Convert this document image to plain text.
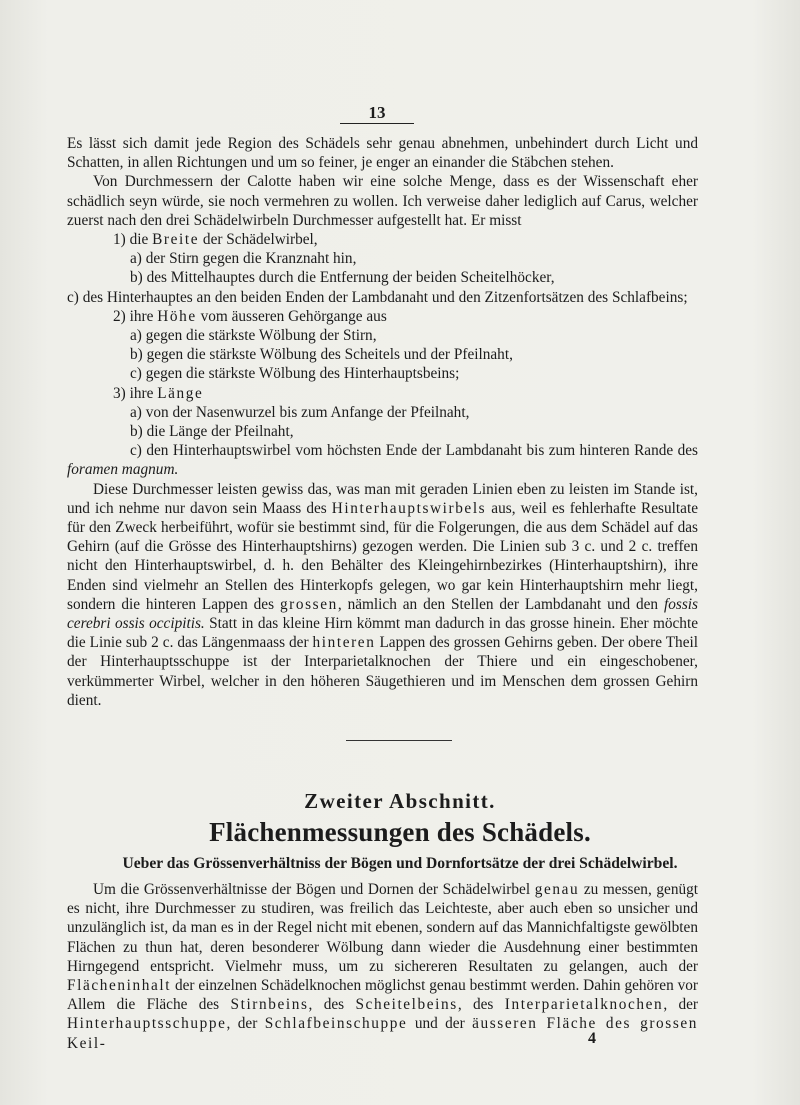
13

Es lässt sich damit jede Region des Schädels sehr genau abnehmen, unbehindert durch Licht und Schatten, in allen Richtungen und um so feiner, je enger an einander die Stäbchen stehen.

Von Durchmessern der Calotte haben wir eine solche Menge, dass es der Wissenschaft eher schädlich seyn würde, sie noch vermehren zu wollen. Ich verweise daher lediglich auf Carus, welcher zuerst nach den drei Schädelwirbeln Durchmesser aufgestellt hat. Er misst

1) die Breite der Schädelwirbel,

a) der Stirn gegen die Kranznaht hin,

b) des Mittelhauptes durch die Entfernung der beiden Scheitelhöcker,

c) des Hinterhauptes an den beiden Enden der Lambdanaht und den Zitzenfortsätzen des Schlafbeins;

2) ihre Höhe vom äusseren Gehörgange aus

a) gegen die stärkste Wölbung der Stirn,

b) gegen die stärkste Wölbung des Scheitels und der Pfeilnaht,

c) gegen die stärkste Wölbung des Hinterhauptsbeins;

3) ihre Länge

a) von der Nasenwurzel bis zum Anfange der Pfeilnaht,

b) die Länge der Pfeilnaht,

c) den Hinterhauptswirbel vom höchsten Ende der Lambdanaht bis zum hinteren Rande des foramen magnum.

Diese Durchmesser leisten gewiss das, was man mit geraden Linien eben zu leisten im Stande ist, und ich nehme nur davon sein Maass des Hinterhauptswirbels aus, weil es fehlerhafte Resultate für den Zweck herbeiführt, wofür sie bestimmt sind, für die Folgerungen, die aus dem Schädel auf das Gehirn (auf die Grösse des Hinterhauptshirns) gezogen werden. Die Linien sub 3 c. und 2 c. treffen nicht den Hinterhauptswirbel, d. h. den Behälter des Kleingehirnbezirkes (Hinterhauptshirn), ihre Enden sind vielmehr an Stellen des Hinterkopfs gelegen, wo gar kein Hinterhauptshirn mehr liegt, sondern die hinteren Lappen des grossen, nämlich an den Stellen der Lambdanaht und den fossis cerebri ossis occipitis. Statt in das kleine Hirn kömmt man dadurch in das grosse hinein. Eher möchte die Linie sub 2 c. das Längenmaass der hinteren Lappen des grossen Gehirns geben. Der obere Theil der Hinterhauptsschuppe ist der Interparietalknochen der Thiere und ein eingeschobener, verkümmerter Wirbel, welcher in den höheren Säugethieren und im Menschen dem grossen Gehirn dient.

Zweiter Abschnitt.
Flächenmessungen des Schädels.
Ueber das Grössenverhältniss der Bögen und Dornfortsätze der drei Schädelwirbel.

Um die Grössenverhältnisse der Bögen und Dornen der Schädelwirbel genau zu messen, genügt es nicht, ihre Durchmesser zu studiren, was freilich das Leichteste, aber auch eben so unsicher und unzulänglich ist, da man es in der Regel nicht mit ebenen, sondern auf das Mannichfaltigste gewölbten Flächen zu thun hat, deren besonderer Wölbung dann wieder die Ausdehnung einer bestimmten Hirngegend entspricht. Vielmehr muss, um zu sichereren Resultaten zu gelangen, auch der Flächeninhalt der einzelnen Schädelknochen möglichst genau bestimmt werden. Dahin gehören vor Allem die Fläche des Stirnbeins, des Scheitelbeins, des Interparietalknochen, der Hinterhauptsschuppe, der Schlafbeinschuppe und der äusseren Fläche des grossen Keil-	4
